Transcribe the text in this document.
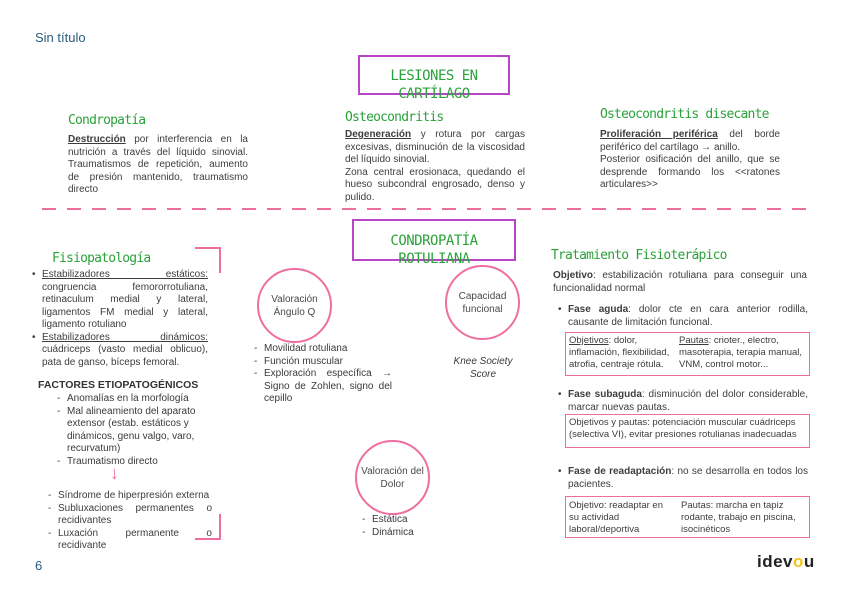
Sin título
LESIONES EN CARTÍLAGO
Condropatía
Destrucción por interferencia en la nutrición a través del líquido sinovial. Traumatismos de repetición, aumento de presión mantenido, traumatismo directo
Osteocondritis
Degeneración y rotura por cargas excesivas, disminución de la viscosidad del líquido sinovial.
Zona central erosionaca, quedando el hueso subcondral engrosado, denso y pulido.
Osteocondritis disecante
Proliferación periférica del borde periférico del cartílago → anillo.
Posterior osificación del anillo, que se desprende formando los <<ratones articulares>>
CONDROPATÍA ROTULIANA
Fisiopatología
• Estabilizadores estáticos: congruencia femororrotuliana, retinaculum medial y lateral, ligamentos FM medial y lateral, ligamento rotuliano
• Estabilizadores dinámicos: cuádriceps (vasto medial oblicuo), pata de ganso, bíceps femoral.
FACTORES ETIOPATOGÉNICOS
- Anomalías en la morfología
- Mal alineamiento del aparato extensor (estab. estáticos y dinámicos, genu valgo, varo, recurvatum)
- Traumatismo directo
↓
- Síndrome de hiperpresión externa
- Subluxaciones permanentes o recidivantes
- Luxación permanente o recidivante
Valoración Ángulo Q
- Movilidad rotuliana
- Función muscular
- Exploración específica → Signo de Zohlen, signo del cepillo
Capacidad funcional
Knee Society Score
Valoración del Dolor
- Estática
- Dinámica
Tratamiento Fisioterápico
Objetivo: estabilización rotuliana para conseguir una funcionalidad normal
• Fase aguda: dolor cte en cara anterior rodilla, causante de limitación funcional.
Objetivos: dolor, inflamación, flexibilidad, atrofia, centraje rótula.
Pautas: crioter., electro, masoterapia, terapia manual, VNM, control motor...
• Fase subaguda: disminución del dolor considerable, marcar nuevas pautas.
Objetivos y pautas: potenciación muscular cuádriceps (selectiva VI), evitar presiones rotulianas inadecuadas
• Fase de readaptación: no se desarrolla en todos los pacientes.
Objetivo: readaptar en su actividad laboral/deportiva
Pautas: marcha en tapiz rodante, trabajo en piscina, isocinéticos
6	idevou
